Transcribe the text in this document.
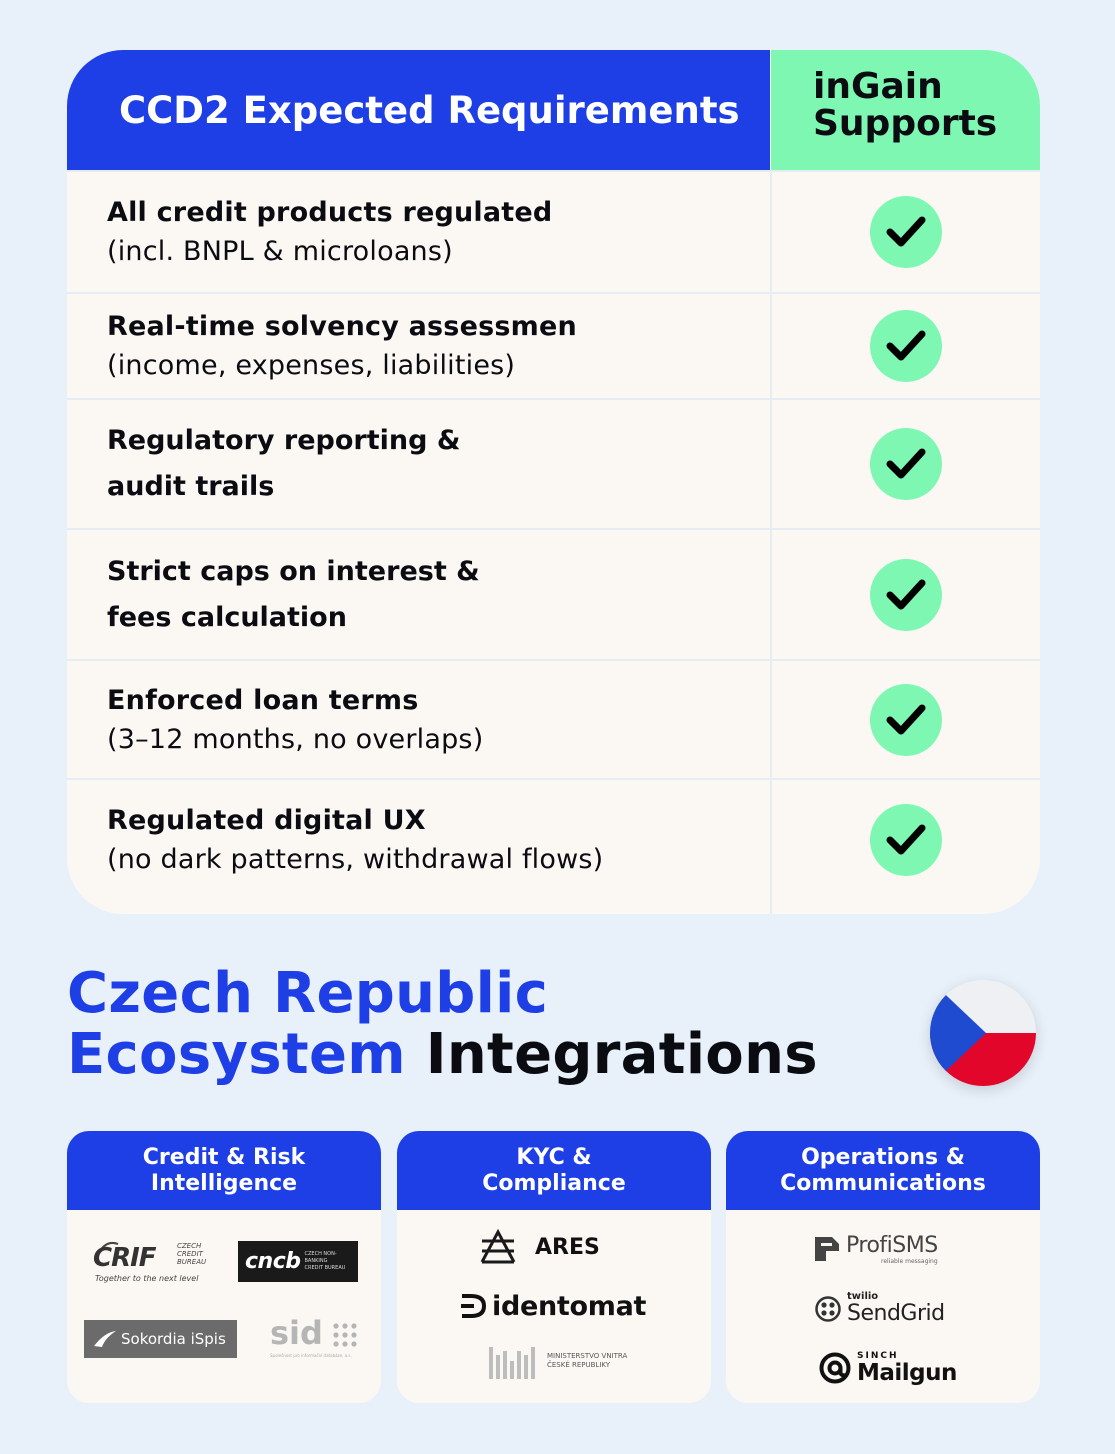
CCD2 Expected Requirements
inGain
Supports
All credit products regulated
(incl. BNPL & microloans)
Real-time solvency assessmen
(income, expenses, liabilities)
Regulatory reporting &
audit trails
Strict caps on interest &
fees calculation
Enforced loan terms
(3–12 months, no overlaps)
Regulated digital UX
(no dark patterns, withdrawal flows)
Czech Republic
Ecosystem Integrations
Credit & Risk
Intelligence
CRIF	CZECH
CREDIT
BUREAU
Together to the next level
cncb CZECH NON-BANKING
CREDIT BUREAU
Sokordia iSpis sid
Společnost pro informační databáze, a.s.
KYC &
Compliance
ARES
identomat
MINISTERSTVO VNITRA
ČESKÉ REPUBLIKY
Operations &
Communications
ProfiSMS
reliable messaging
twilio
SendGrid
SINCH
Mailgun
